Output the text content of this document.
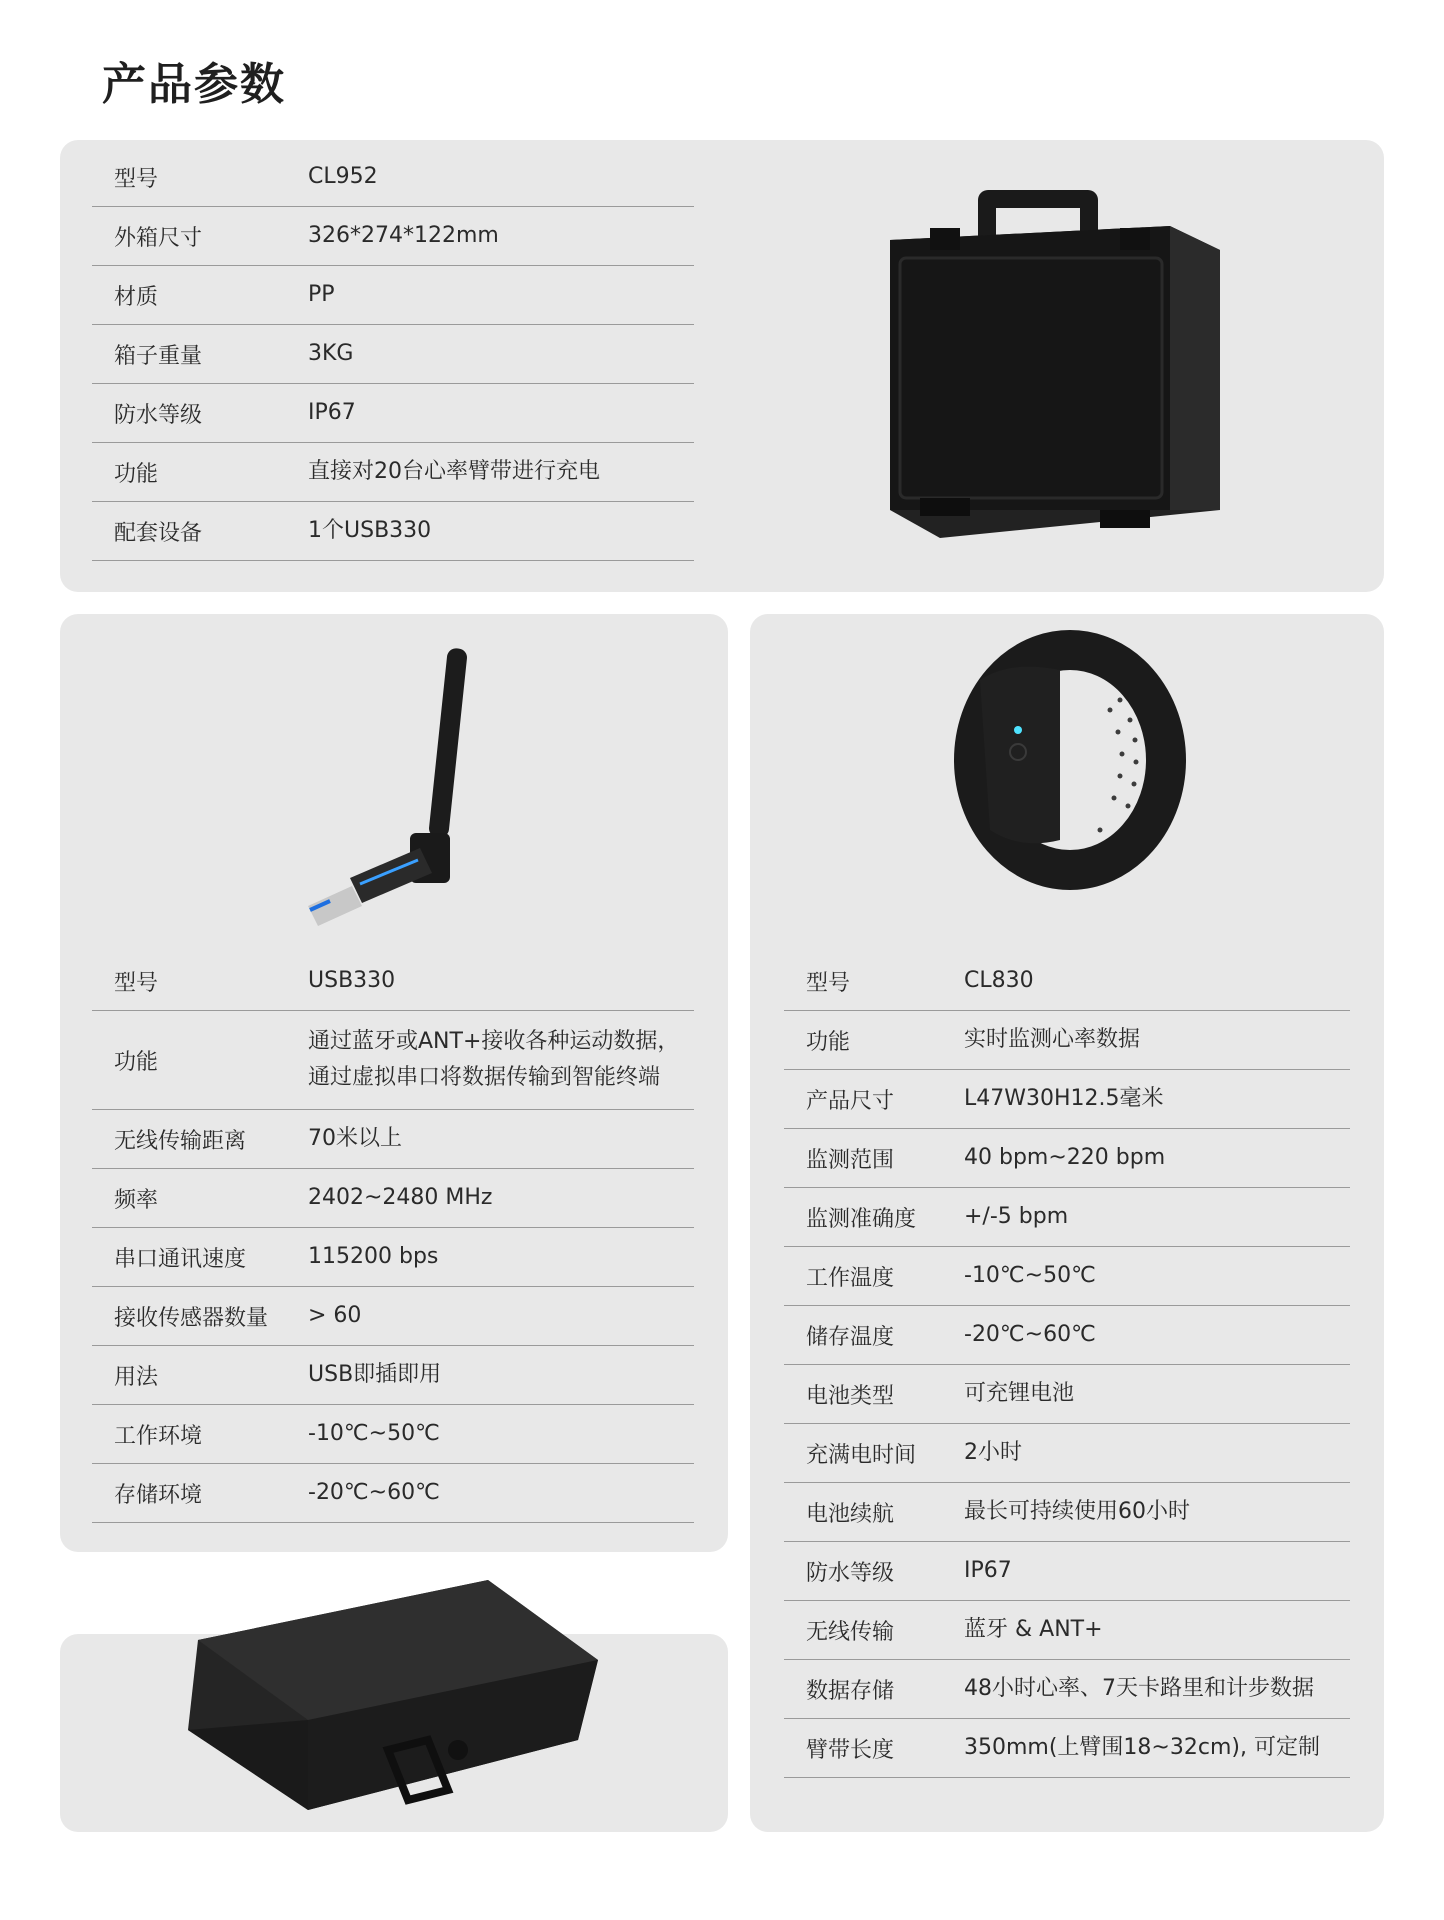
产品参数
型号	CL952
外箱尺寸	326*274*122mm
材质	PP
箱子重量	3KG
防水等级	IP67
功能	直接对20台心率臂带进行充电
配套设备	1个USB330
型号	USB330
功能
通过蓝牙或ANT+接收各种运动数据，
通过虚拟串口将数据传输到智能终端
无线传输距离	70米以上
频率	2402~2480 MHz
串口通讯速度	115200 bps
接收传感器数量	> 60
用法	USB即插即用
工作环境	-10℃~50℃
存储环境	-20℃~60℃
型号	CL830
功能	实时监测心率数据
产品尺寸	L47W30H12.5毫米
监测范围	40 bpm~220 bpm
监测准确度	+/-5 bpm
工作温度	-10℃~50℃
储存温度	-20℃~60℃
电池类型	可充锂电池
充满电时间	2小时
电池续航	最长可持续使用60小时
防水等级	IP67
无线传输	蓝牙 & ANT+
数据存储	48小时心率、7天卡路里和计步数据
臂带长度	350mm(上臂围18~32cm), 可定制
